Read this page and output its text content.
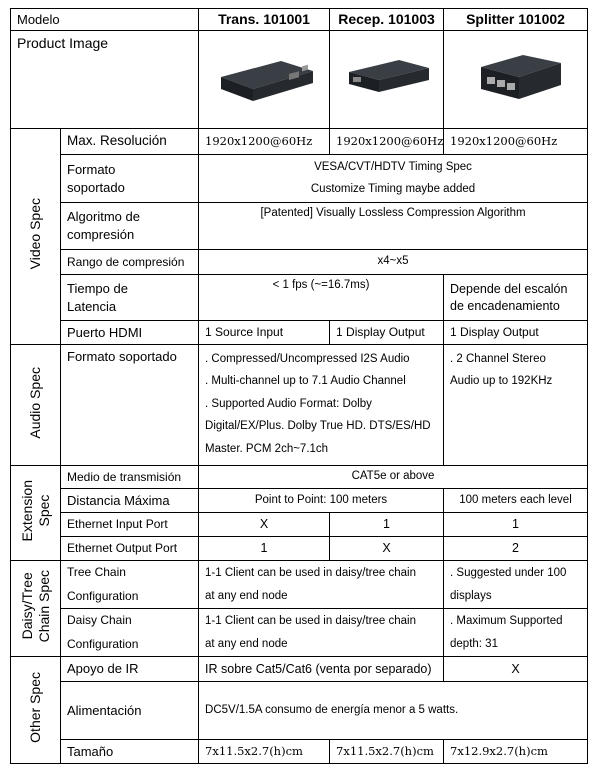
Modelo		Trans. 101001	Recep. 101003	Splitter 101002
Product Image			
Video Spec	Max. Resolución	1920x1200@60Hz	1920x1200@60Hz	1920x1200@60Hz

	Formato
soportado	VESA/CVT/HDTV Timing Spec
Customize Timing maybe added		

	Algoritmo de
compresión	[Patented] Visually Lossless Compression Algorithm		
	Rango de compresión	x4~x5		

	Tiempo de
Latencia	< 1 fps (~=16.7ms)		Depende del escalón
de encadenamiento

	Puerto HDMI	1 Source Input	1 Display Output	1 Display Output
Audio Spec	Formato soportado	. Compressed/Uncompressed I2S Audio
. Multi-channel up to 7.1 Audio Channel
. Supported Audio Format: Dolby
Digital/EX/Plus. Dolby True HD. DTS/ES/HD
Master. PCM 2ch~7.1ch		. 2 Channel Stereo
Audio up to 192KHz

Extension Spec	Medio de transmisión	CAT5e or above		
	Distancia Máxima	Point to Point: 100 meters		100 meters each level
	Ethernet Input Port	X	1	1
	Ethernet Output Port	1	X	2

Daisy/Tree Chain Spec	Tree Chain
Configuration	1-1 Client can be used in daisy/tree chain
at any end node		. Suggested under 100
displays

	Daisy Chain
Configuration	1-1 Client can be used in daisy/tree chain
at any end node		. Maximum Supported
depth: 31

Other Spec	Apoyo de IR	IR sobre Cat5/Cat6 (venta por separado)		X
	Alimentación	DC5V/1.5A consumo de energía menor a 5 watts.		
	Tamaño	7x11.5x2.7(h)cm	7x11.5x2.7(h)cm	7x12.9x2.7(h)cm
